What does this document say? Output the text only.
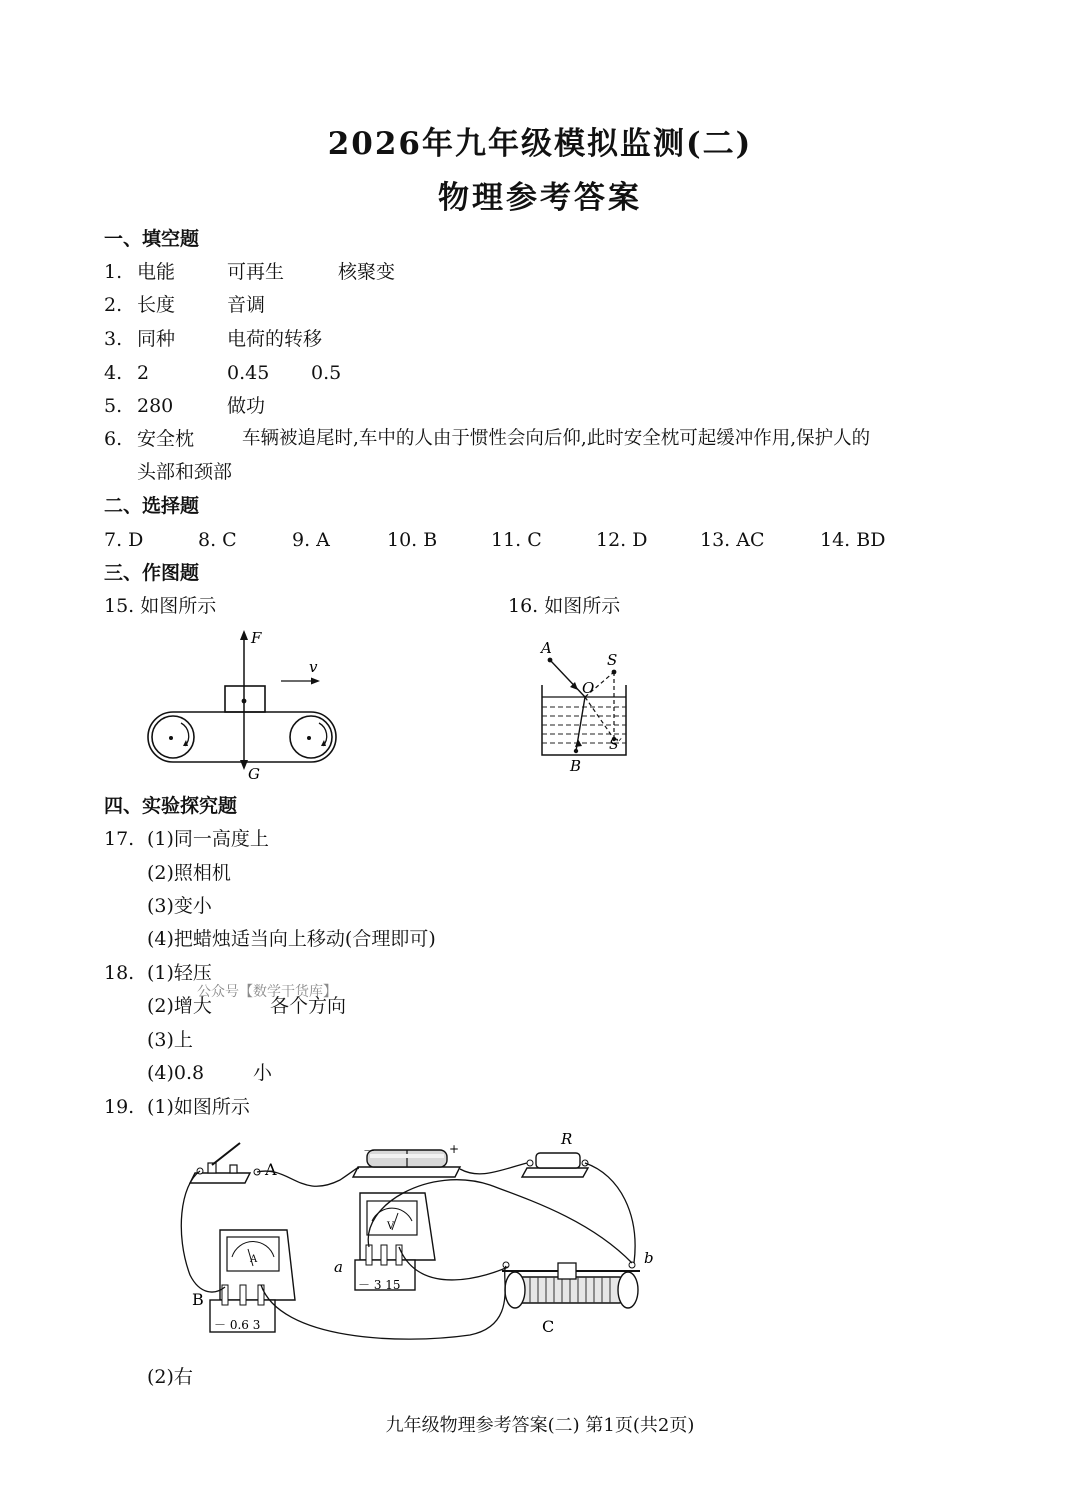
2026年九年级模拟监测(二)
物理参考答案
一、填空题
1. 电能	可再生	核聚变
2. 长度	音调
3. 同种	电荷的转移
4. 2	0.45 0.5
5. 280	做功
6. 安全枕	车辆被追尾时,车中的人由于惯性会向后仰,此时安全枕可起缓冲作用,保护人的
头部和颈部
二、选择题
7. D	8. C	9. A	10. B	11. C	12. D	13. AC	14. BD
三、作图题
15. 如图所示	16. 如图所示
F
G
v
A
S
O
S′
B
四、实验探究题
17. (1)同一高度上
(2)照相机
(3)变小
(4)把蜡烛适当向上移动(合理即可)
18. (1)轻压
公众号【数学干货库】
(2)增大	各个方向
(3)上
(4)0.8	小
19. (1)如图所示
A
－	+
R
V
－ 3 15
a
A
－ 0.6 3
B
C
b
(2)右
九年级物理参考答案(二) 第1页(共2页)
